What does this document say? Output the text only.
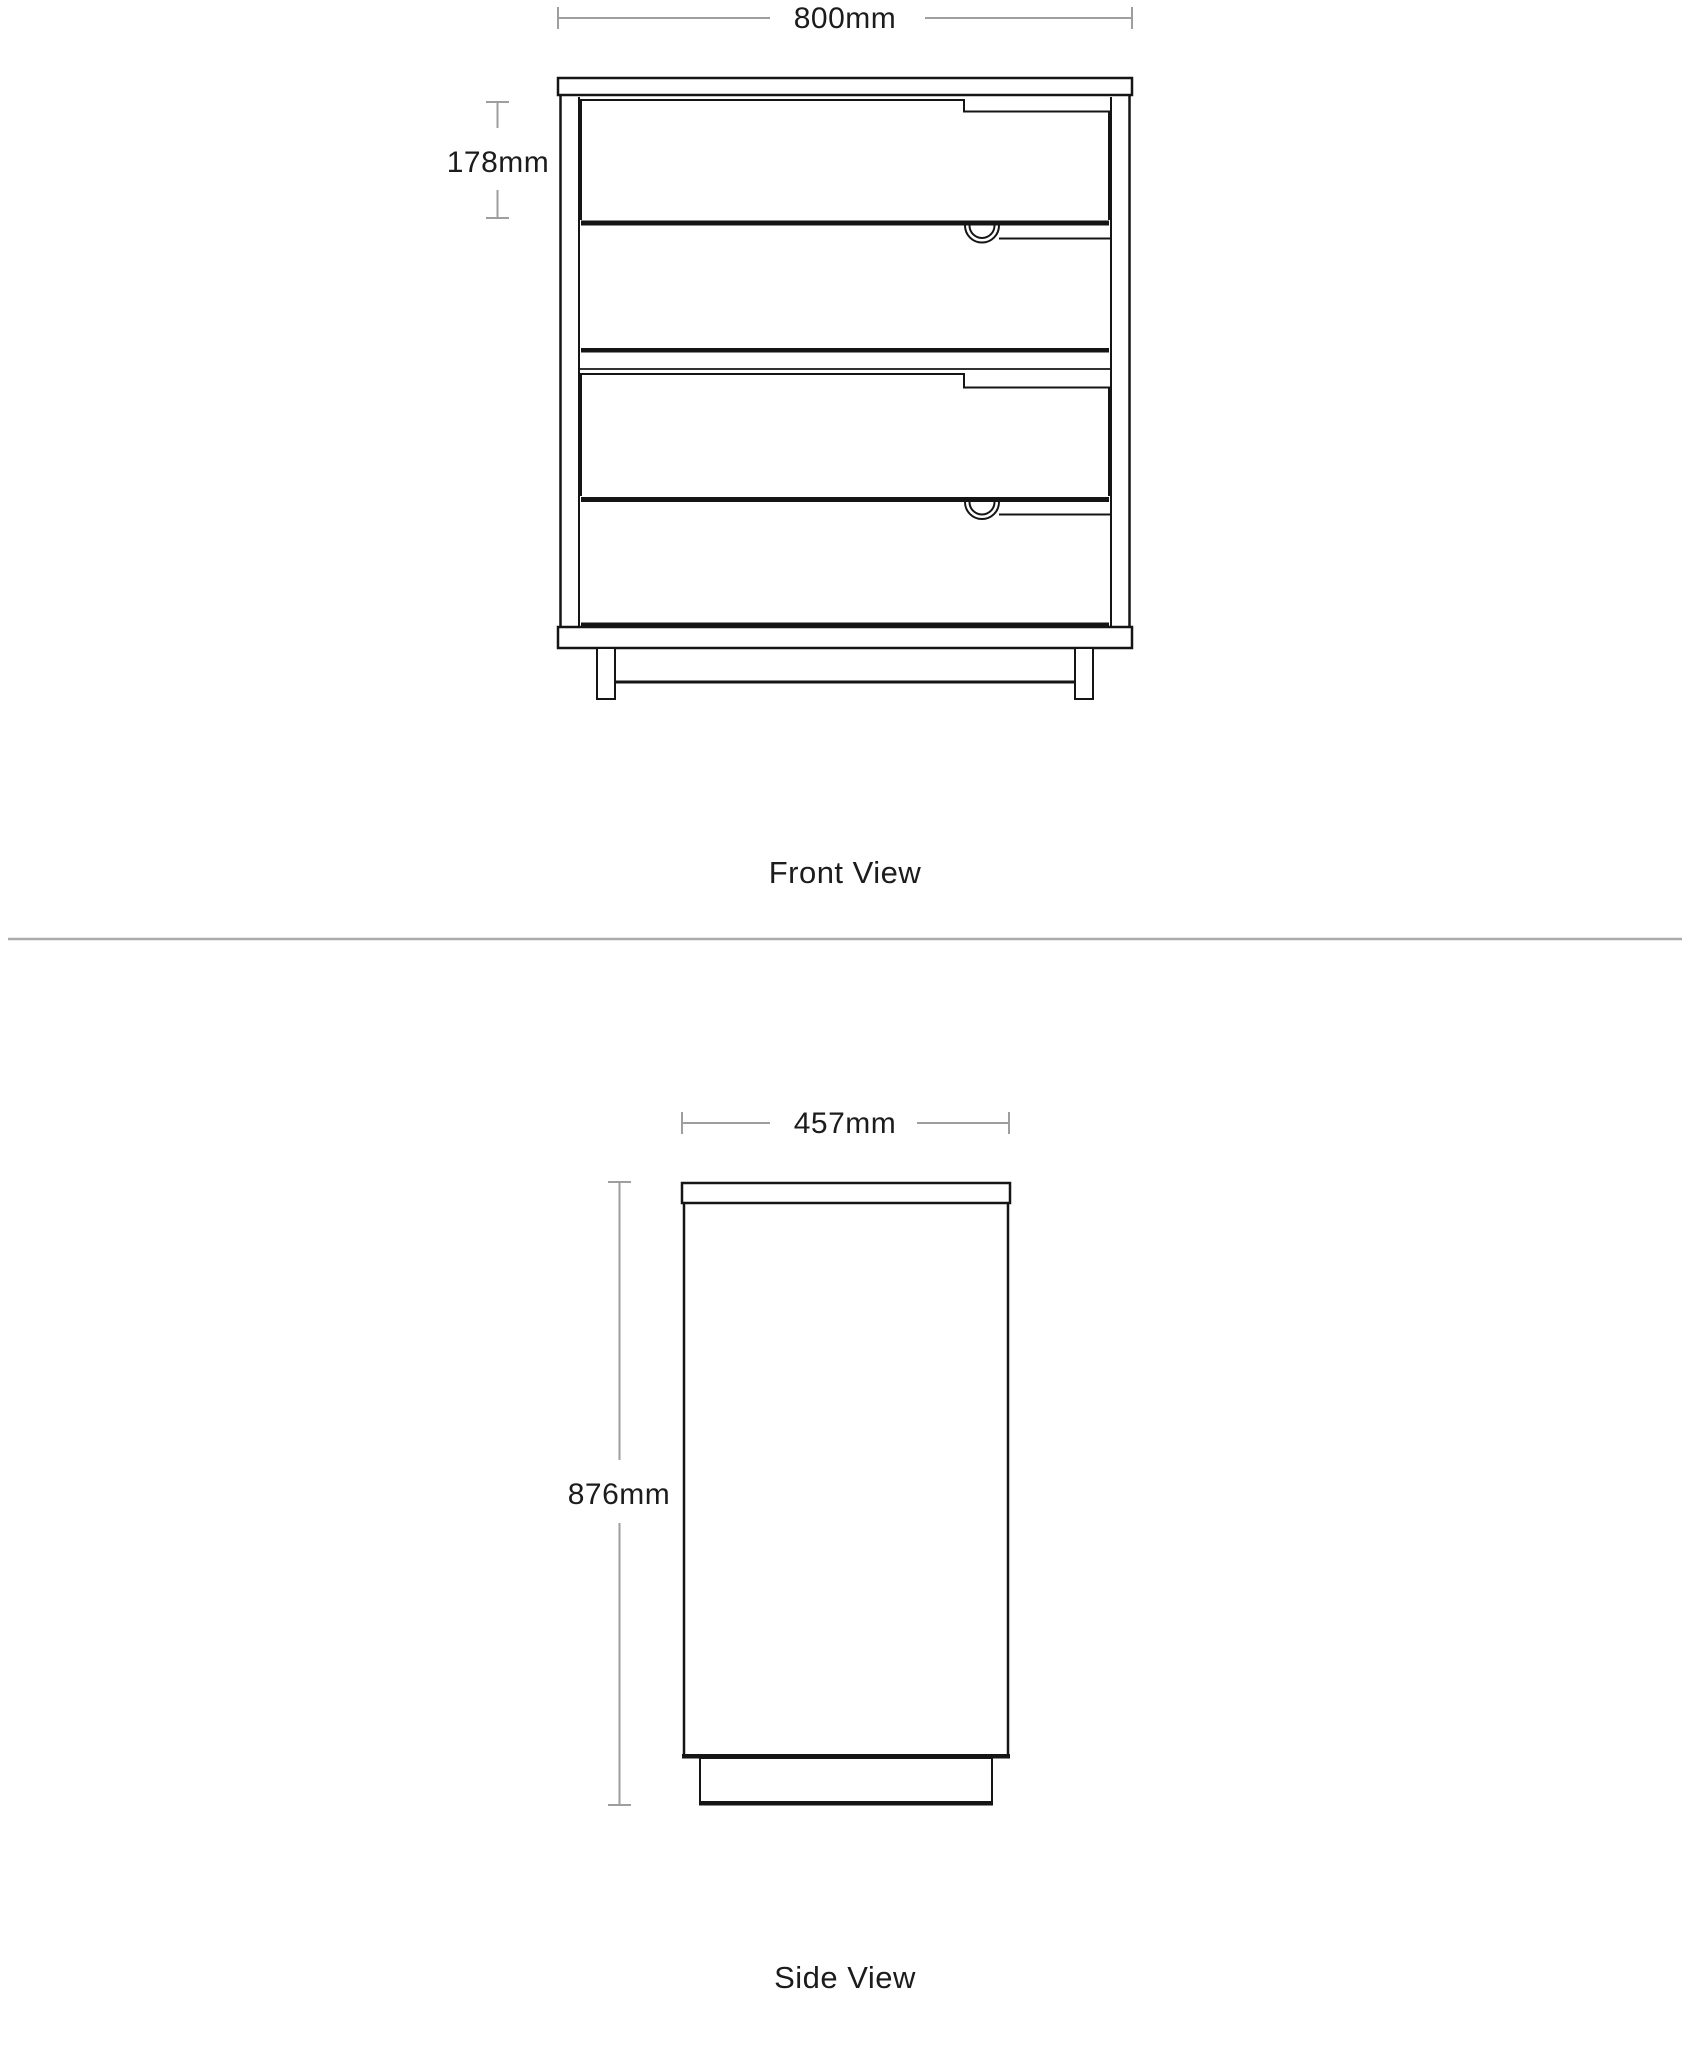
800mm
178mm
Front View
457mm
876mm
Side View
